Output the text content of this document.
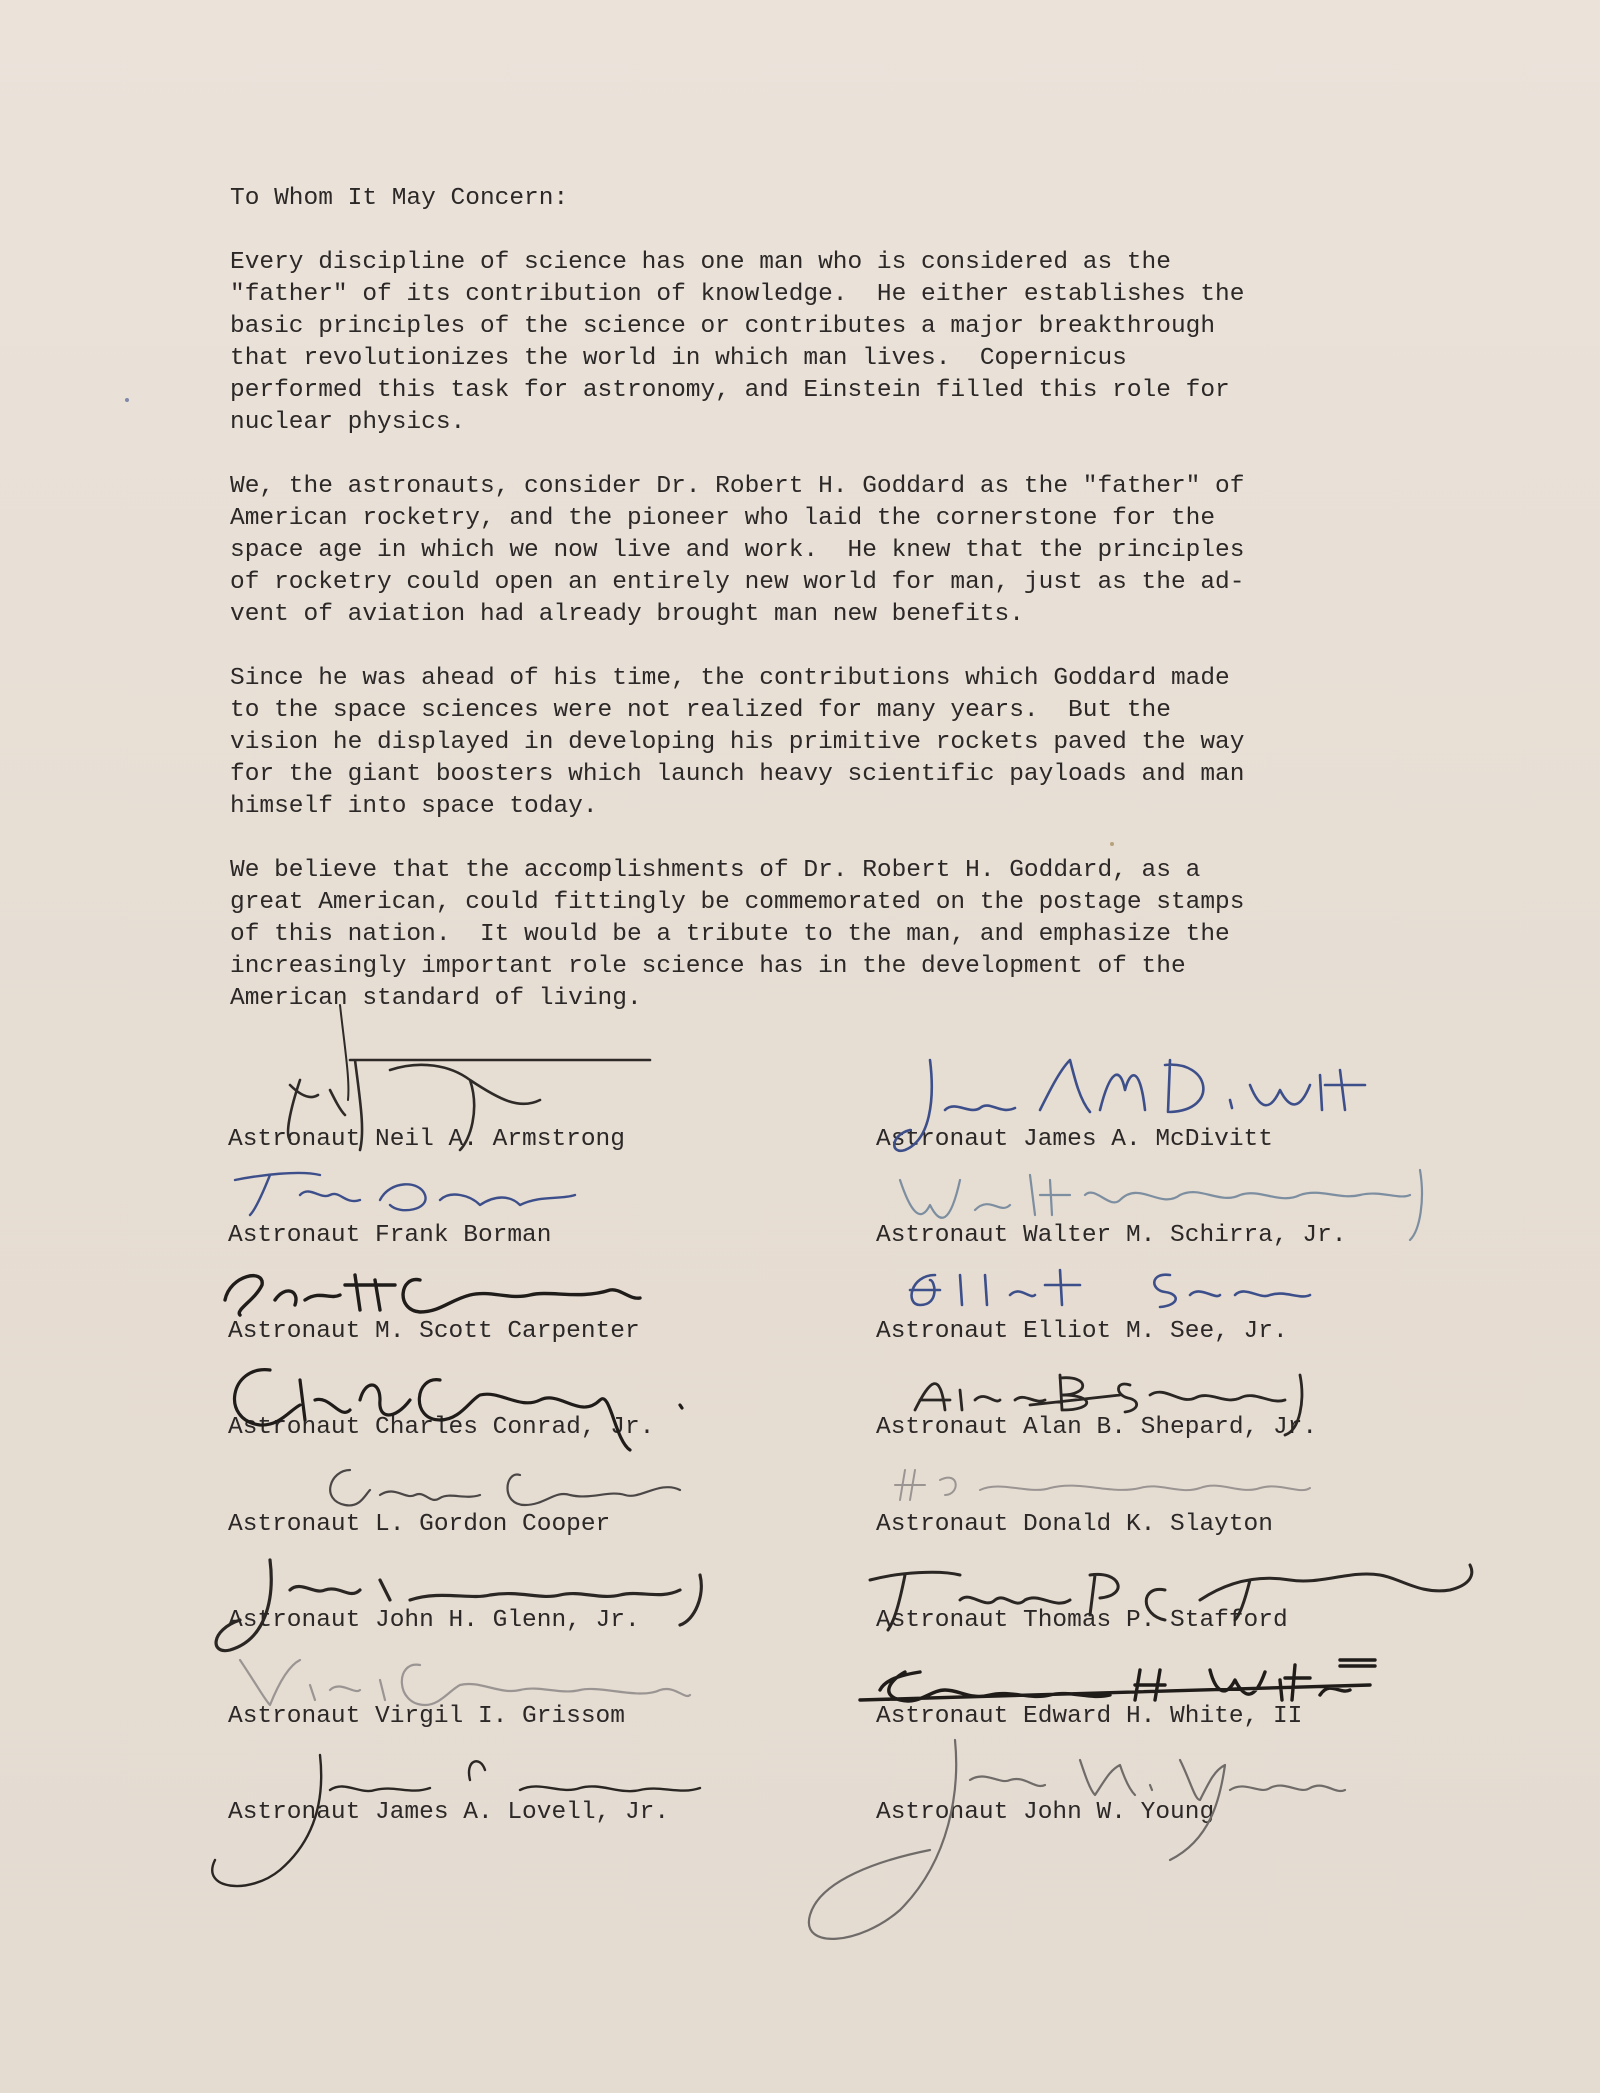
To Whom It May Concern:
Every discipline of science has one man who is considered as the
"father" of its contribution of knowledge.  He either establishes the
basic principles of the science or contributes a major breakthrough
that revolutionizes the world in which man lives.  Copernicus
performed this task for astronomy, and Einstein filled this role for
nuclear physics.
We, the astronauts, consider Dr. Robert H. Goddard as the "father" of
American rocketry, and the pioneer who laid the cornerstone for the
space age in which we now live and work.  He knew that the principles
of rocketry could open an entirely new world for man, just as the ad-
vent of aviation had already brought man new benefits.
Since he was ahead of his time, the contributions which Goddard made
to the space sciences were not realized for many years.  But the
vision he displayed in developing his primitive rockets paved the way
for the giant boosters which launch heavy scientific payloads and man
himself into space today.
We believe that the accomplishments of Dr. Robert H. Goddard, as a
great American, could fittingly be commemorated on the postage stamps
of this nation.  It would be a tribute to the man, and emphasize the
increasingly important role science has in the development of the
American standard of living.
Astronaut Neil A. Armstrong
Astronaut Frank Borman
Astronaut M. Scott Carpenter
Astronaut Charles Conrad, Jr.
Astronaut L. Gordon Cooper
Astronaut John H. Glenn, Jr.
Astronaut Virgil I. Grissom
Astronaut James A. Lovell, Jr.
Astronaut James A. McDivitt
Astronaut Walter M. Schirra, Jr.
Astronaut Elliot M. See, Jr.
Astronaut Alan B. Shepard, Jr.
Astronaut Donald K. Slayton
Astronaut Thomas P. Stafford
Astronaut Edward H. White, II
Astronaut John W. Young
